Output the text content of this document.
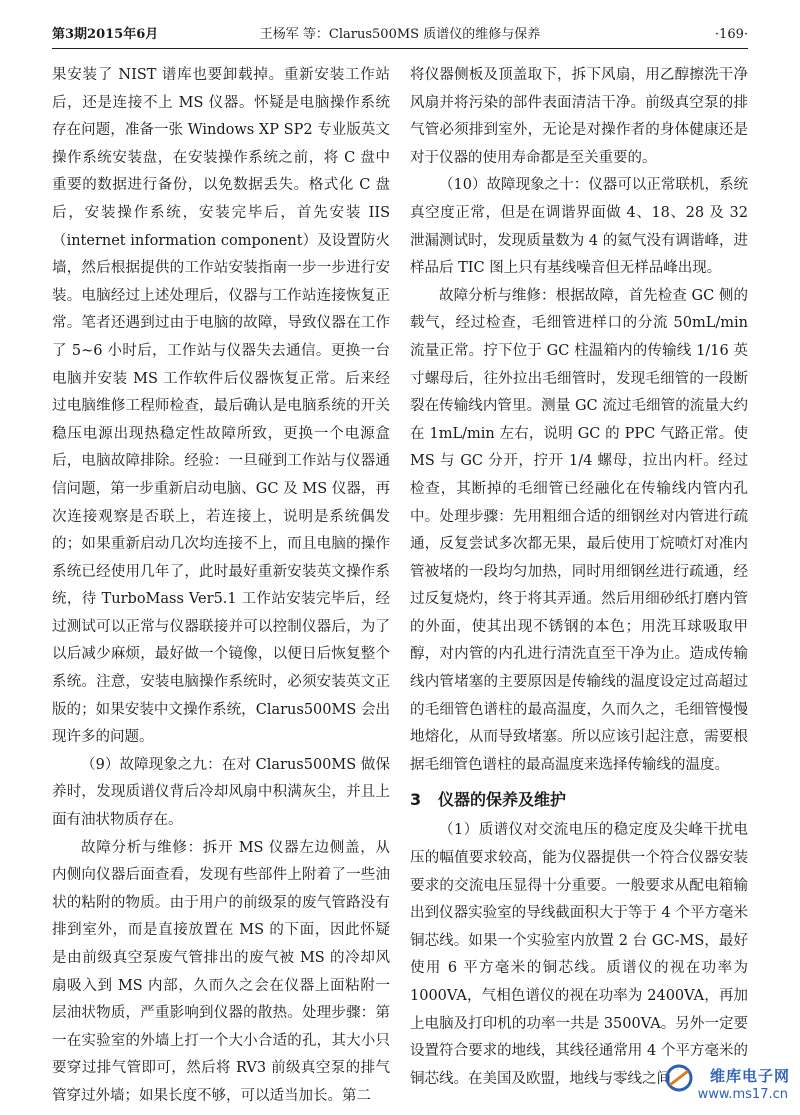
第3期2015年6月	王杨军 等：Clarus500MS 质谱仪的维修与保养	·169·

果安装了 NIST 谱库也要卸载掉。重新安装工作站后，还是连接不上 MS 仪器。怀疑是电脑操作系统存在问题，准备一张 Windows XP SP2 专业版英文操作系统安装盘，在安装操作系统之前，将 C 盘中重要的数据进行备份，以免数据丢失。格式化 C 盘后，安装操作系统，安装完毕后，首先安装 IIS（internet information component）及设置防火墙，然后根据提供的工作站安装指南一步一步进行安装。电脑经过上述处理后，仪器与工作站连接恢复正常。笔者还遇到过由于电脑的故障，导致仪器在工作了 5~6 小时后，工作站与仪器失去通信。更换一台电脑并安装 MS 工作软件后仪器恢复正常。后来经过电脑维修工程师检查，最后确认是电脑系统的开关稳压电源出现热稳定性故障所致，更换一个电源盒后，电脑故障排除。经验：一旦碰到工作站与仪器通信问题，第一步重新启动电脑、GC 及 MS 仪器，再次连接观察是否联上，若连接上，说明是系统偶发的；如果重新启动几次均连接不上，而且电脑的操作系统已经使用几年了，此时最好重新安装英文操作系统，待 TurboMass Ver5.1 工作站安装完毕后，经过测试可以正常与仪器联接并可以控制仪器后，为了以后减少麻烦，最好做一个镜像，以便日后恢复整个系统。注意，安装电脑操作系统时，必须安装英文正版的；如果安装中文操作系统，Clarus500MS 会出现许多的问题。

（9）故障现象之九：在对 Clarus500MS 做保养时，发现质谱仪背后冷却风扇中积满灰尘，并且上面有油状物质存在。

故障分析与维修：拆开 MS 仪器左边侧盖，从内侧向仪器后面查看，发现有些部件上附着了一些油状的粘附的物质。由于用户的前级泵的废气管路没有排到室外，而是直接放置在 MS 的下面，因此怀疑是由前级真空泵废气管排出的废气被 MS 的冷却风扇吸入到 MS 内部，久而久之会在仪器上面粘附一层油状物质，严重影响到仪器的散热。处理步骤：第一在实验室的外墙上打一个大小合适的孔，其大小只要穿过排气管即可，然后将 RV3 前级真空泵的排气管穿过外墙；如果长度不够，可以适当加长。第二

将仪器侧板及顶盖取下，拆下风扇，用乙醇擦洗干净风扇并将污染的部件表面清洁干净。前级真空泵的排气管必须排到室外，无论是对操作者的身体健康还是对于仪器的使用寿命都是至关重要的。

（10）故障现象之十：仪器可以正常联机，系统真空度正常，但是在调谐界面做 4、18、28 及 32 泄漏测试时，发现质量数为 4 的氦气没有调谐峰，进样品后 TIC 图上只有基线噪音但无样品峰出现。

故障分析与维修：根据故障，首先检查 GC 侧的载气，经过检查，毛细管进样口的分流 50mL/min 流量正常。拧下位于 GC 柱温箱内的传输线 1/16 英寸螺母后，往外拉出毛细管时，发现毛细管的一段断裂在传输线内管里。测量 GC 流过毛细管的流量大约在 1mL/min 左右，说明 GC 的 PPC 气路正常。使 MS 与 GC 分开，拧开 1/4 螺母，拉出内杆。经过检查，其断掉的毛细管已经融化在传输线内管内孔中。处理步骤：先用粗细合适的细钢丝对内管进行疏通，反复尝试多次都无果，最后使用丁烷喷灯对准内管被堵的一段均匀加热，同时用细钢丝进行疏通，经过反复烧灼，终于将其弄通。然后用细砂纸打磨内管的外面，使其出现不锈钢的本色；用洗耳球吸取甲醇，对内管的内孔进行清洗直至干净为止。造成传输线内管堵塞的主要原因是传输线的温度设定过高超过的毛细管色谱柱的最高温度，久而久之，毛细管慢慢地熔化，从而导致堵塞。所以应该引起注意，需要根据毛细管色谱柱的最高温度来选择传输线的温度。

3 仪器的保养及维护

（1）质谱仪对交流电压的稳定度及尖峰干扰电压的幅值要求较高，能为仪器提供一个符合仪器安装要求的交流电压显得十分重要。一般要求从配电箱输出到仪器实验室的导线截面积大于等于 4 个平方毫米铜芯线。如果一个实验室内放置 2 台 GC-MS，最好使用 6 平方毫米的铜芯线。质谱仪的视在功率为 1000VA，气相色谱仪的视在功率为 2400VA，再加上电脑及打印机的功率一共是 3500VA。另外一定要设置符合要求的地线，其线径通常用 4 个平方毫米的铜芯线。在美国及欧盟，地线与零线之间	维库电子网
www.ms17.cn
